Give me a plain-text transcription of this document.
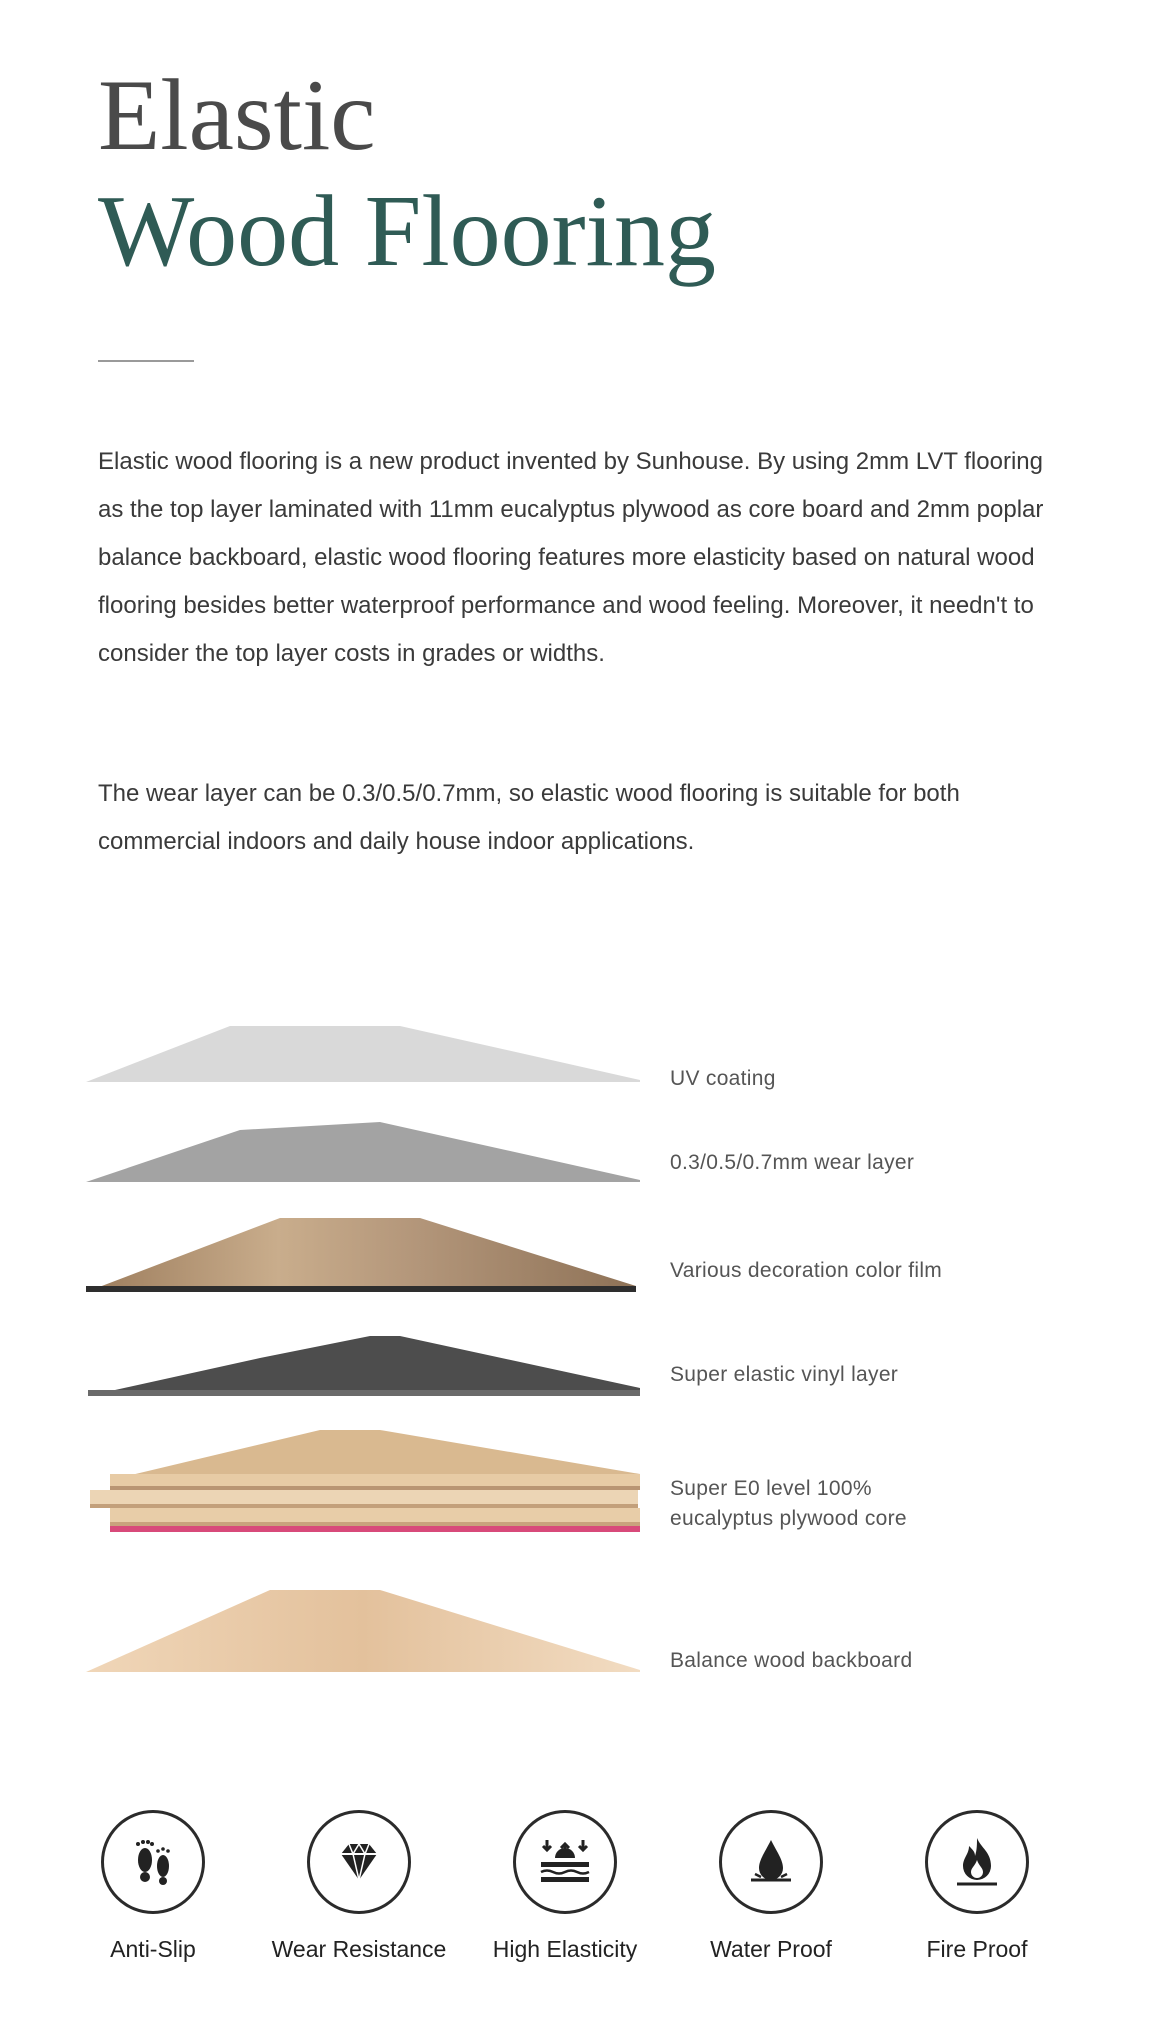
Elastic
Wood Flooring

Elastic wood flooring is a new product invented by Sunhouse. By using 2mm LVT flooring as the top layer laminated with 11mm eucalyptus plywood as core board and 2mm poplar balance backboard, elastic wood flooring features more elasticity based on natural wood flooring besides better waterproof performance and wood feeling. Moreover, it needn't to consider the top layer costs in grades or widths.

The wear layer can be 0.3/0.5/0.7mm, so elastic wood flooring is suitable for both commercial indoors and daily house indoor applications.

UV coating

0.3/0.5/0.7mm wear layer

Various decoration color film

Super elastic vinyl layer

Super E0 level 100%

eucalyptus plywood core

Balance wood backboard

Anti-Slip	Wear Resistance	High Elasticity	Water Proof	Fire Proof
